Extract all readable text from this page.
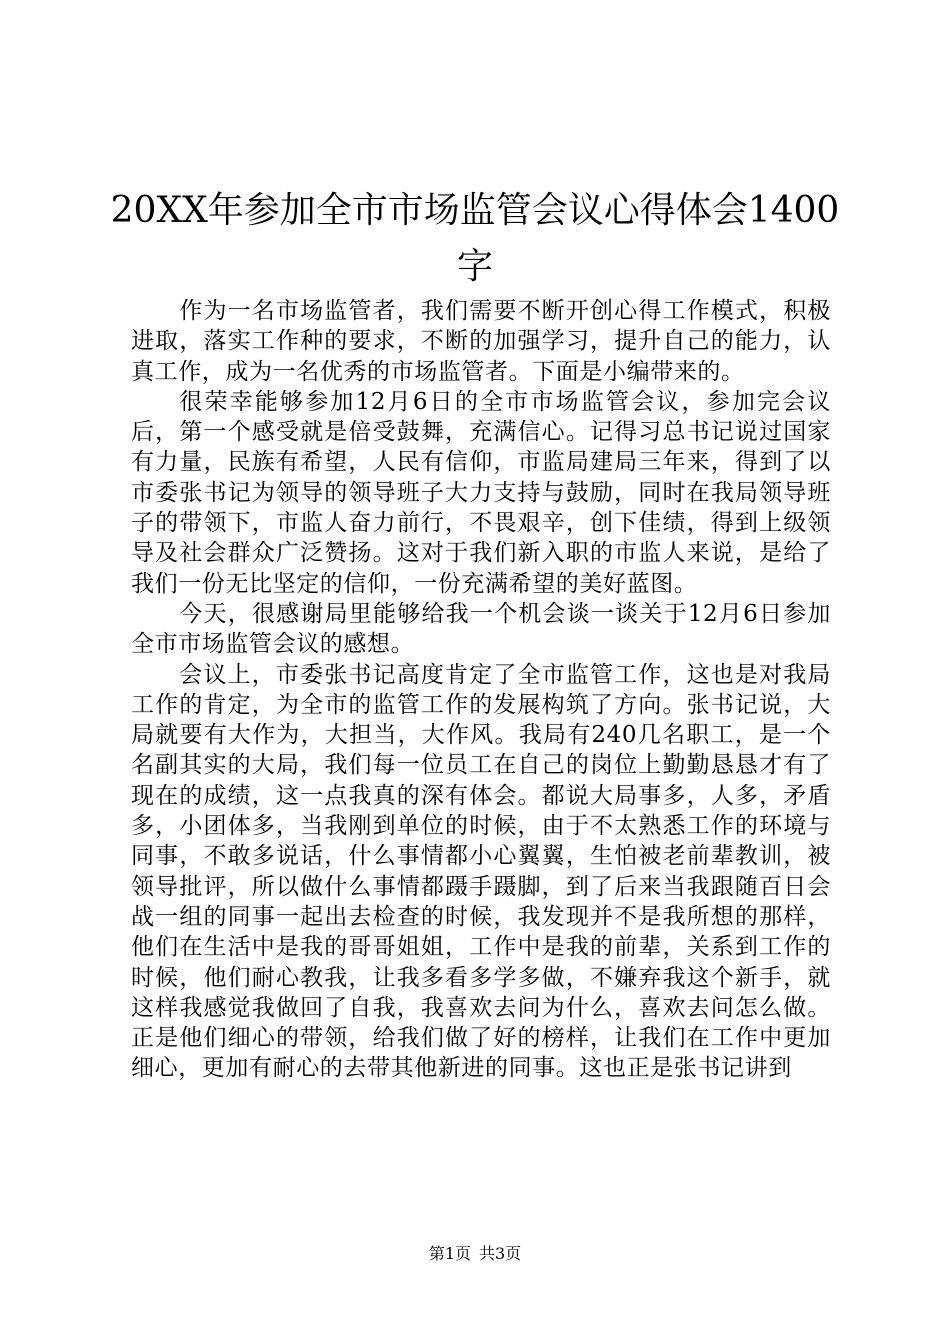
20XX年参加全市市场监管会议心得体会1400字

作为一名市场监管者，我们需要不断开创心得工作模式，积极进取，落实工作种的要求，不断的加强学习，提升自己的能力，认真工作，成为一名优秀的市场监管者。下面是小编带来的。

很荣幸能够参加12月6日的全市市场监管会议，参加完会议后，第一个感受就是倍受鼓舞，充满信心。记得习总书记说过国家有力量，民族有希望，人民有信仰，市监局建局三年来，得到了以市委张书记为领导的领导班子大力支持与鼓励，同时在我局领导班子的带领下，市监人奋力前行，不畏艰辛，创下佳绩，得到上级领导及社会群众广泛赞扬。这对于我们新入职的市监人来说，是给了我们一份无比坚定的信仰，一份充满希望的美好蓝图。

今天，很感谢局里能够给我一个机会谈一谈关于12月6日参加全市市场监管会议的感想。

会议上，市委张书记高度肯定了全市监管工作，这也是对我局工作的肯定，为全市的监管工作的发展构筑了方向。张书记说，大局就要有大作为，大担当，大作风。我局有240几名职工，是一个名副其实的大局，我们每一位员工在自己的岗位上勤勤恳恳才有了现在的成绩，这一点我真的深有体会。都说大局事多，人多，矛盾多，小团体多，当我刚到单位的时候，由于不太熟悉工作的环境与同事，不敢多说话，什么事情都小心翼翼，生怕被老前辈教训，被领导批评，所以做什么事情都蹑手蹑脚，到了后来当我跟随百日会战一组的同事一起出去检查的时候，我发现并不是我所想的那样，他们在生活中是我的哥哥姐姐，工作中是我的前辈，关系到工作的时候，他们耐心教我，让我多看多学多做，不嫌弃我这个新手，就这样我感觉我做回了自我，我喜欢去问为什么，喜欢去问怎么做。正是他们细心的带领，给我们做了好的榜样，让我们在工作中更加细心，更加有耐心的去带其他新进的同事。这也正是张书记讲到

第1页 共3页
